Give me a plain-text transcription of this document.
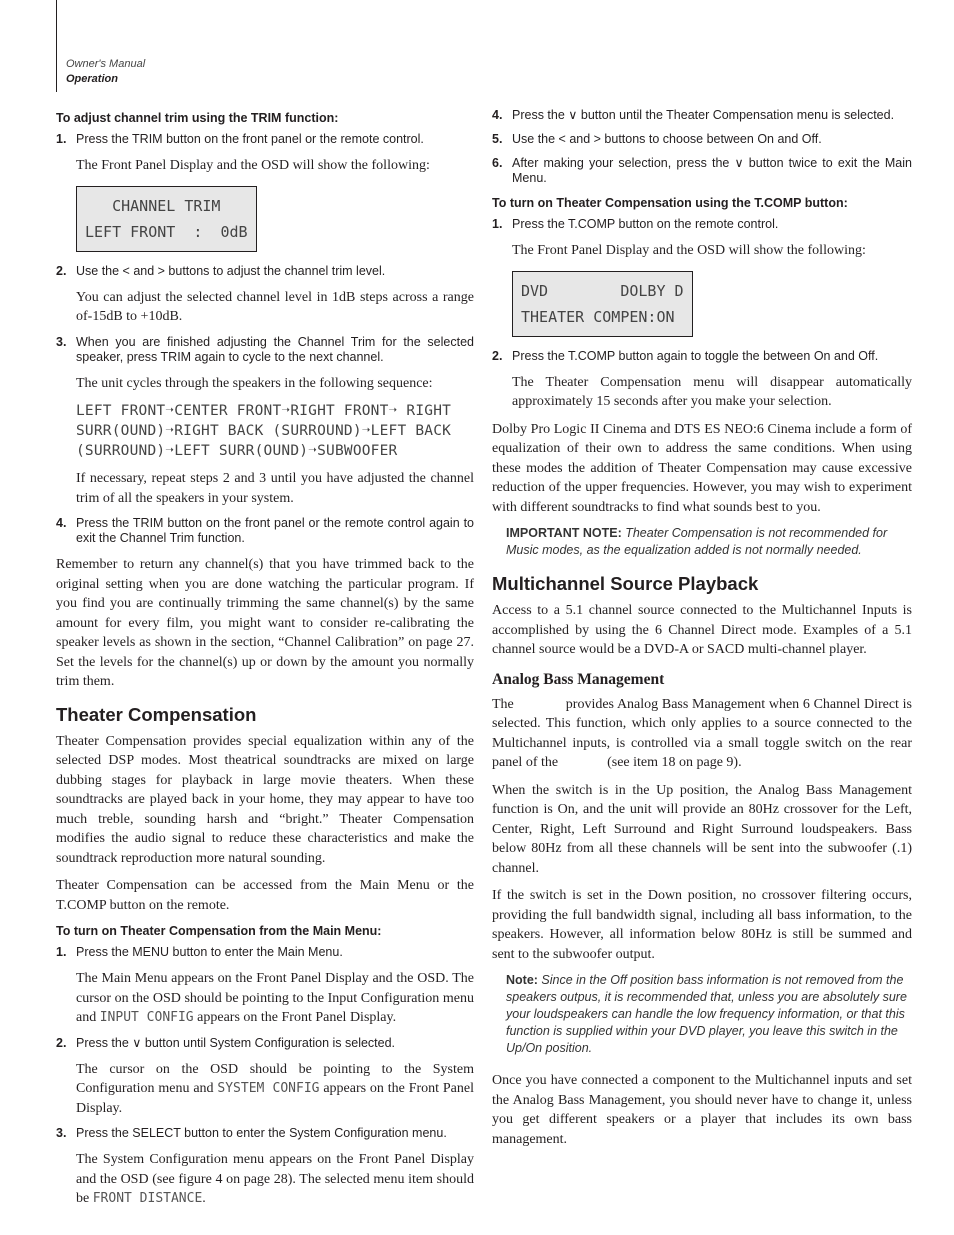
Owner's Manual
Operation
To adjust channel trim using the TRIM function:
1. Press the TRIM button on the front panel or the remote control.
The Front Panel Display and the OSD will show the following:
CHANNEL TRIM
LEFT FRONT  :  0dB
2. Use the < and > buttons to adjust the channel trim level.
You can adjust the selected channel level in 1dB steps across a range of-15dB to +10dB.
3. When you are finished adjusting the Channel Trim for the selected speaker, press TRIM again to cycle to the next channel.
The unit cycles through the speakers in the following sequence:
LEFT FRONT➝CENTER FRONT➝RIGHT FRONT➝ RIGHT SURR(OUND)➝RIGHT BACK (SURROUND)➝LEFT BACK (SURROUND)➝LEFT SURR(OUND)➝SUBWOOFER
If necessary, repeat steps 2 and 3 until you have adjusted the channel trim of all the speakers in your system.
4. Press the TRIM button on the front panel or the remote control again to exit the Channel Trim function.
Remember to return any channel(s) that you have trimmed back to the original setting when you are done watching the particular program. If you find you are continually trimming the same channel(s) by the same amount for every film, you might want to consider re-calibrating the speaker levels as shown in the section, “Channel Calibration” on page 27. Set the levels for the channel(s) up or down by the amount you normally trim them.
Theater Compensation
Theater Compensation provides special equalization within any of the selected DSP modes. Most theatrical soundtracks are mixed on large dubbing stages for playback in large movie theaters. When these soundtracks are played back in your home, they may appear to have too much treble, sounding harsh and “bright.” Theater Compensation modifies the audio signal to reduce these characteristics and make the soundtrack reproduction more natural sounding.
Theater Compensation can be accessed from the Main Menu or the T.COMP button on the remote.
To turn on Theater Compensation from the Main Menu:
1. Press the MENU button to enter the Main Menu.
The Main Menu appears on the Front Panel Display and the OSD. The cursor on the OSD should be pointing to the Input Configuration menu and INPUT CONFIG appears on the Front Panel Display.
2. Press the ∨ button until System Configuration is selected.
The cursor on the OSD should be pointing to the System Configuration menu and SYSTEM CONFIG appears on the Front Panel Display.
3. Press the SELECT button to enter the System Configuration menu.
The System Configuration menu appears on the Front Panel Display and the OSD (see figure 4 on page 28). The selected menu item should be FRONT DISTANCE.
4. Press the ∨ button until the Theater Compensation menu is selected.
5. Use the < and > buttons to choose between On and Off.
6. After making your selection, press the ∨ button twice to exit the Main Menu.
To turn on Theater Compensation using the T.COMP button:
1. Press the T.COMP button on the remote control.
The Front Panel Display and the OSD will show the following:
DVD        DOLBY D
THEATER COMPEN:ON
2. Press the T.COMP button again to toggle the between On and Off.
The Theater Compensation menu will disappear automatically approximately 15 seconds after you make your selection.
Dolby Pro Logic II Cinema and DTS ES NEO:6 Cinema include a form of equalization of their own to address the same conditions. When using these modes the addition of Theater Compensation may cause excessive reduction of the upper frequencies. However, you may wish to experiment with different soundtracks to find what sounds best to you.
IMPORTANT NOTE: Theater Compensation is not recommended for Music modes, as the equalization added is not normally needed.
Multichannel Source Playback
Access to a 5.1 channel source connected to the Multichannel Inputs is accomplished by using the 6 Channel Direct mode. Examples of a 5.1 channel source would be a DVD-A or SACD multi-channel player.
Analog Bass Management
The              provides Analog Bass Management when 6 Channel Direct is selected. This function, which only applies to a source connected to the Multichannel inputs, is controlled via a small toggle switch on the rear panel of the              (see item 18 on page 9).
When the switch is in the Up position, the Analog Bass Management function is On, and the unit will provide an 80Hz crossover for the Left, Center, Right, Left Surround and Right Surround loudspeakers. Bass below 80Hz from all these channels will be sent into the subwoofer (.1) channel.
If the switch is set in the Down position, no crossover filtering occurs, providing the full bandwidth signal, including all bass information, to the speakers. However, all information below 80Hz is still be summed and sent to the subwoofer output.
Note: Since in the Off position bass information is not removed from the speakers outpus, it is recommended that, unless you are absolutely sure your loudspeakers can handle the low frequency information, or that this function is supplied within your DVD player, you leave this switch in the Up/On position.
Once you have connected a component to the Multichannel inputs and set the Analog Bass Management, you should never have to change it, unless you get different speakers or a player that includes its own bass management.
